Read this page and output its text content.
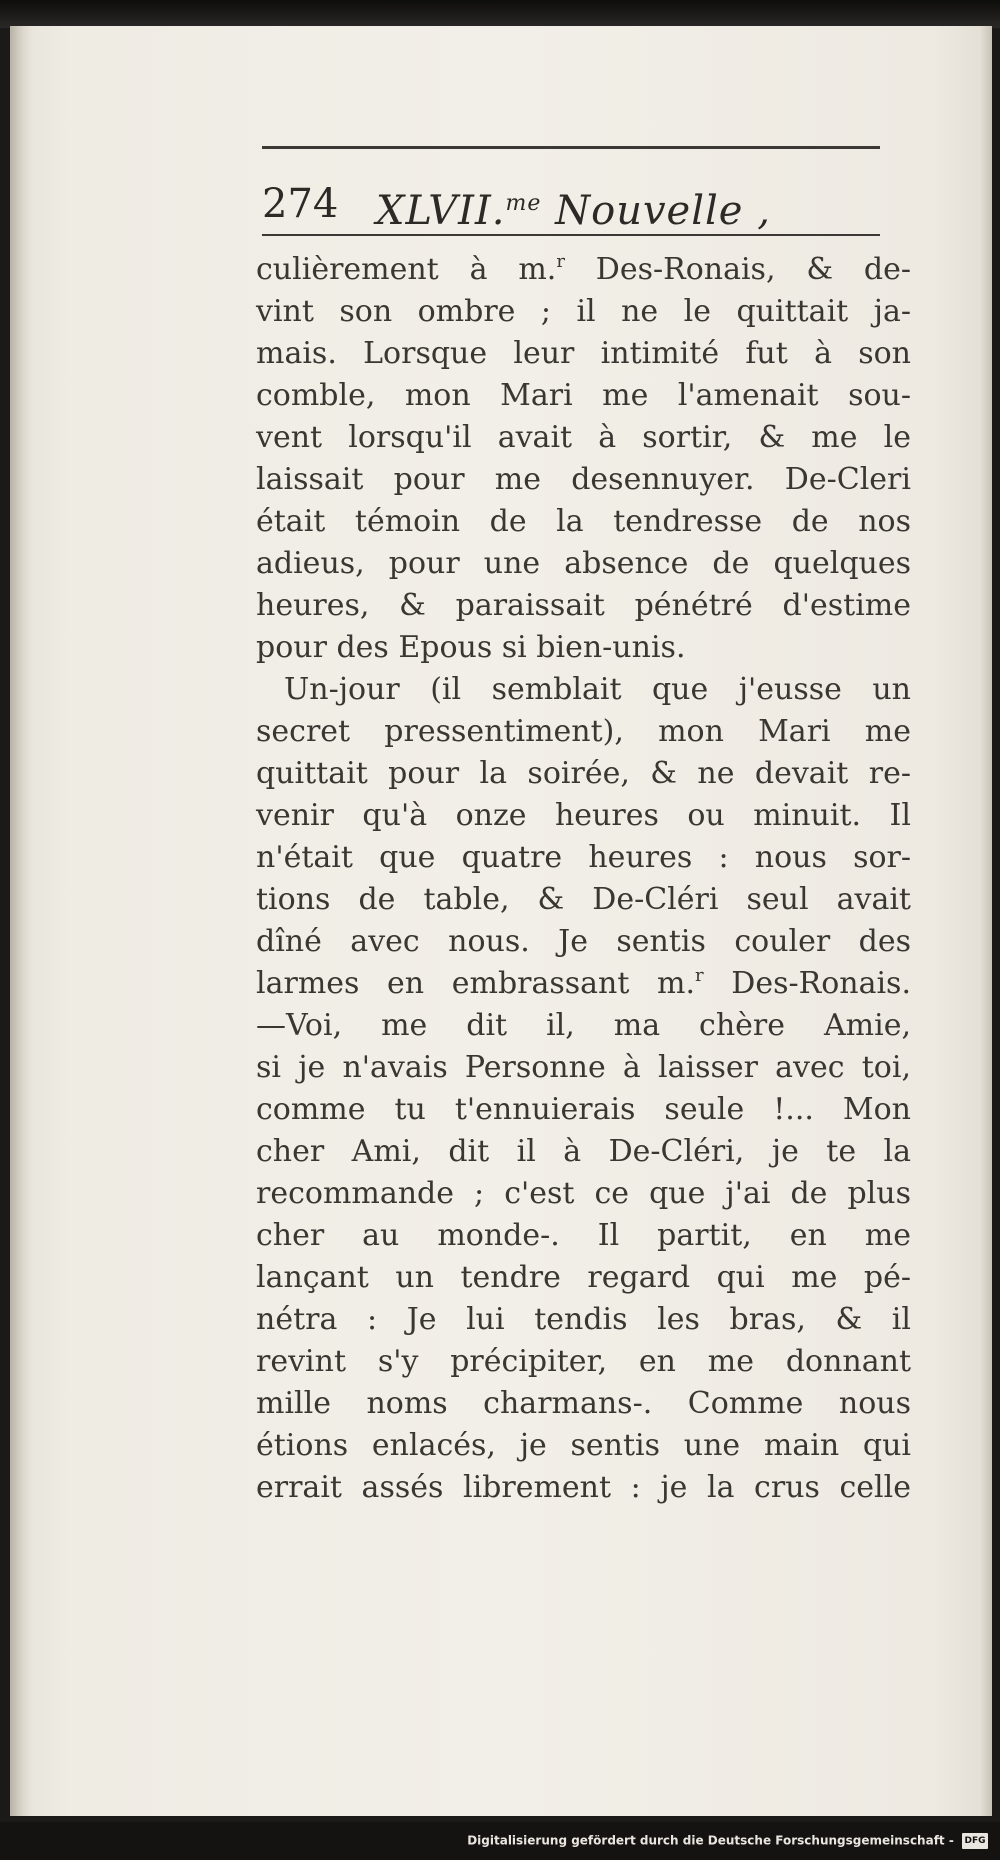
274 XLVII.$^{me}$ Nouvelle ,
culièrement à m.$^r$ Des-Ronais, & de-
vint son ombre ; il ne le quittait ja-
mais. Lorsque leur intimité fut à son
comble, mon Mari me l'amenait sou-
vent lorsqu'il avait à sortir, & me le
laissait pour me desennuyer. De-Cleri
était témoin de la tendresse de nos
adieus, pour une absence de quelques
heures, & paraissait pénétré d'estime
pour des Epous si bien-unis.
Un-jour (il semblait que j'eusse un
secret pressentiment), mon Mari me
quittait pour la soirée, & ne devait re-
venir qu'à onze heures ou minuit. Il
n'était que quatre heures : nous sor-
tions de table, & De-Cléri seul avait
dîné avec nous. Je sentis couler des
larmes en embrassant m.$^r$ Des-Ronais.
—Voi, me dit il, ma chère Amie,
si je n'avais Personne à laisser avec toi,
comme tu t'ennuierais seule !... Mon
cher Ami, dit il à De-Cléri, je te la
recommande ; c'est ce que j'ai de plus
cher au monde-. Il partit, en me
lançant un tendre regard qui me pé-
nétra : Je lui tendis les bras, & il
revint s'y précipiter, en me donnant
mille noms charmans-. Comme nous
étions enlacés, je sentis une main qui
errait assés librement : je la crus celle
Digitalisierung gefördert durch die Deutsche Forschungsgemeinschaft - DFG
